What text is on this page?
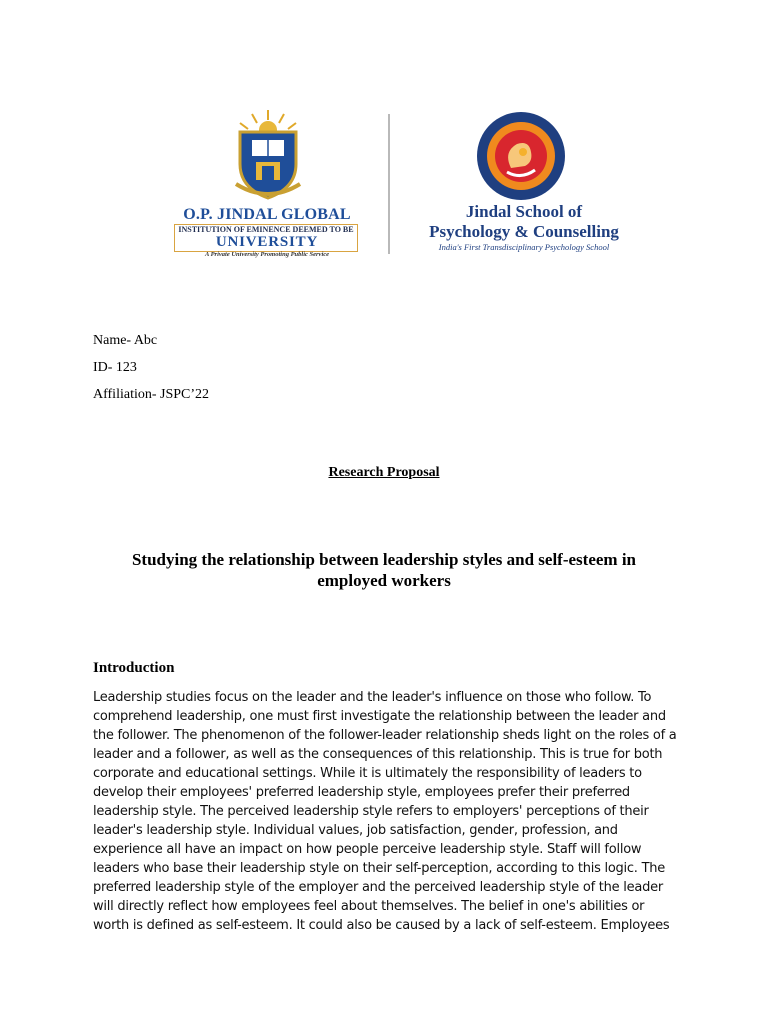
O.P. JINDAL GLOBAL
INSTITUTION OF EMINENCE DEEMED TO BE
UNIVERSITY
A Private University Promoting Public Service
Jindal School of
Psychology & Counselling
India's First Transdisciplinary Psychology School
Name- Abc
ID- 123
Affiliation- JSPC’22
Research Proposal
Studying the relationship between leadership styles and self-esteem in employed workers
Introduction

Leadership studies focus on the leader and the leader's influence on those who follow. To comprehend leadership, one must first investigate the relationship between the leader and the follower. The phenomenon of the follower-leader relationship sheds light on the roles of a leader and a follower, as well as the consequences of this relationship. This is true for both corporate and educational settings. While it is ultimately the responsibility of leaders to develop their employees' preferred leadership style, employees prefer their preferred leadership style. The perceived leadership style refers to employers' perceptions of their leader's leadership style. Individual values, job satisfaction, gender, profession, and experience all have an impact on how people perceive leadership style. Staff will follow leaders who base their leadership style on their self-perception, according to this logic. The preferred leadership style of the employer and the perceived leadership style of the leader will directly reflect how employees feel about themselves. The belief in one's abilities or worth is defined as self-esteem. It could also be caused by a lack of self-esteem. Employees
